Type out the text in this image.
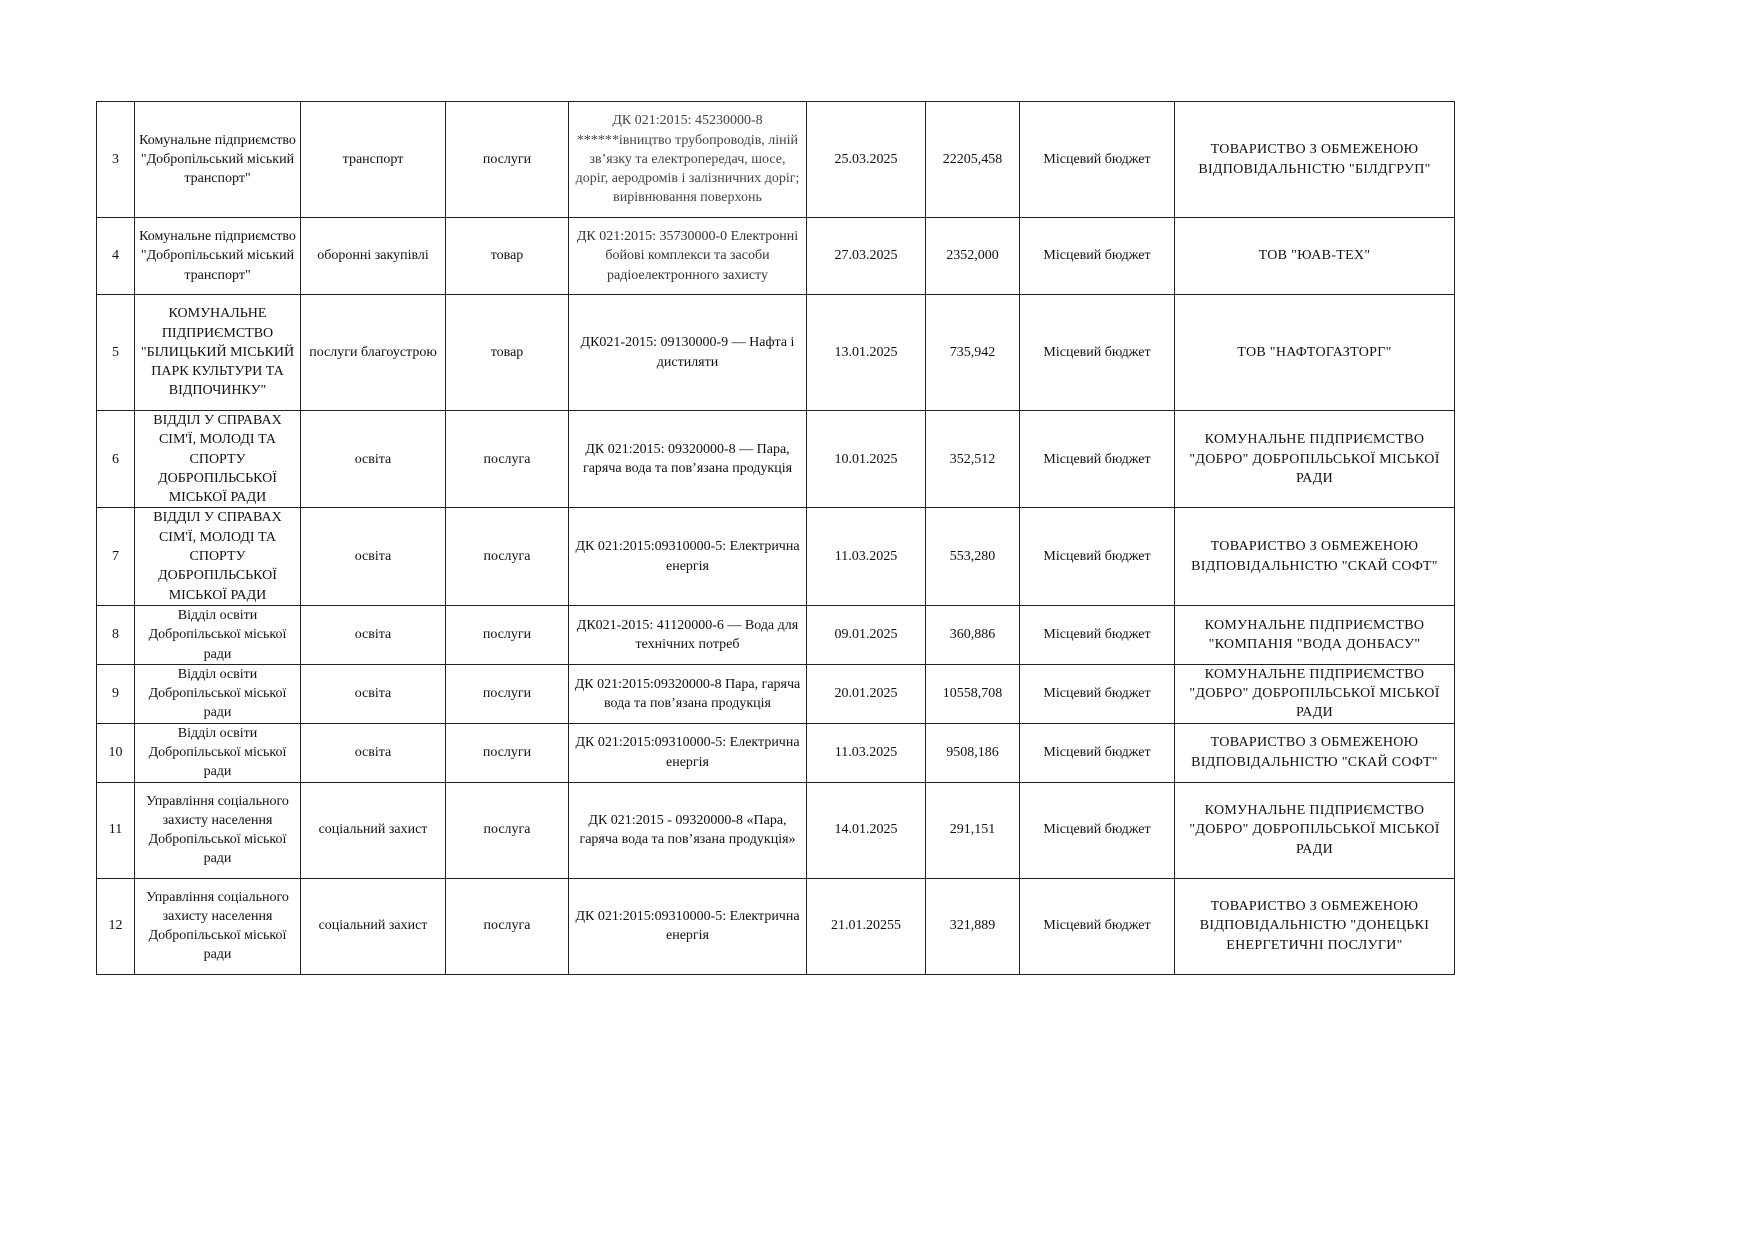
3	Комунальне підприємство "Добропільський міський транспорт"	транспорт	послуги	ДК 021:2015: 45230000-8 ******івництво трубопроводів, ліній зв’язку та електропередач, шосе, доріг, аеродромів і залізничних доріг; вирівнювання поверхонь	25.03.2025	22205,458	Місцевий бюджет	ТОВАРИСТВО З ОБМЕЖЕНОЮ ВІДПОВІДАЛЬНІСТЮ "БІЛДГРУП"
4	Комунальне підприємство "Добропільський міський транспорт"	оборонні закупівлі	товар	ДК 021:2015: 35730000-0 Електронні бойові комплекси та засоби радіоелектронного захисту	27.03.2025	2352,000	Місцевий бюджет	ТОВ "ЮАВ-ТЕХ"
5	КОМУНАЛЬНЕ ПІДПРИЄМСТВО "БІЛИЦЬКИЙ МІСЬКИЙ ПАРК КУЛЬТУРИ ТА ВІДПОЧИНКУ"	послуги благоустрою	товар	ДК021-2015: 09130000-9 — Нафта і дистиляти	13.01.2025	735,942	Місцевий бюджет	ТОВ "НАФТОГАЗТОРГ"
6	ВІДДІЛ У СПРАВАХ СІМ'Ї, МОЛОДІ ТА СПОРТУ ДОБРОПІЛЬСЬКОЇ МІСЬКОЇ РАДИ	освіта	послуга	ДК 021:2015: 09320000-8 — Пара, гаряча вода та пов’язана продукція	10.01.2025	352,512	Місцевий бюджет	КОМУНАЛЬНЕ ПІДПРИЄМСТВО "ДОБРО" ДОБРОПІЛЬСЬКОЇ МІСЬКОЇ РАДИ
7	ВІДДІЛ У СПРАВАХ СІМ'Ї, МОЛОДІ ТА СПОРТУ ДОБРОПІЛЬСЬКОЇ МІСЬКОЇ РАДИ	освіта	послуга	ДК 021:2015:09310000-5: Електрична енергія	11.03.2025	553,280	Місцевий бюджет	ТОВАРИСТВО З ОБМЕЖЕНОЮ ВІДПОВІДАЛЬНІСТЮ "СКАЙ СОФТ"
8	Відділ освіти Добропільської міської ради	освіта	послуги	ДК021-2015: 41120000-6 — Вода для технічних потреб	09.01.2025	360,886	Місцевий бюджет	КОМУНАЛЬНЕ ПІДПРИЄМСТВО "КОМПАНІЯ "ВОДА ДОНБАСУ"
9	Відділ освіти Добропільської міської ради	освіта	послуги	ДК 021:2015:09320000-8 Пара, гаряча вода та пов’язана продукція	20.01.2025	10558,708	Місцевий бюджет	КОМУНАЛЬНЕ ПІДПРИЄМСТВО "ДОБРО" ДОБРОПІЛЬСЬКОЇ МІСЬКОЇ РАДИ
10	Відділ освіти Добропільської міської ради	освіта	послуги	ДК 021:2015:09310000-5: Електрична енергія	11.03.2025	9508,186	Місцевий бюджет	ТОВАРИСТВО З ОБМЕЖЕНОЮ ВІДПОВІДАЛЬНІСТЮ "СКАЙ СОФТ"
11	Управління соціального захисту населення Добропільської міської ради	соціальний захист	послуга	ДК 021:2015 - 09320000-8 «Пара, гаряча вода та пов’язана продукція»	14.01.2025	291,151	Місцевий бюджет	КОМУНАЛЬНЕ ПІДПРИЄМСТВО "ДОБРО" ДОБРОПІЛЬСЬКОЇ МІСЬКОЇ РАДИ
12	Управління соціального захисту населення Добропільської міської ради	соціальний захист	послуга	ДК 021:2015:09310000-5: Електрична енергія	21.01.20255	321,889	Місцевий бюджет	ТОВАРИСТВО З ОБМЕЖЕНОЮ ВІДПОВІДАЛЬНІСТЮ "ДОНЕЦЬКІ ЕНЕРГЕТИЧНІ ПОСЛУГИ"
